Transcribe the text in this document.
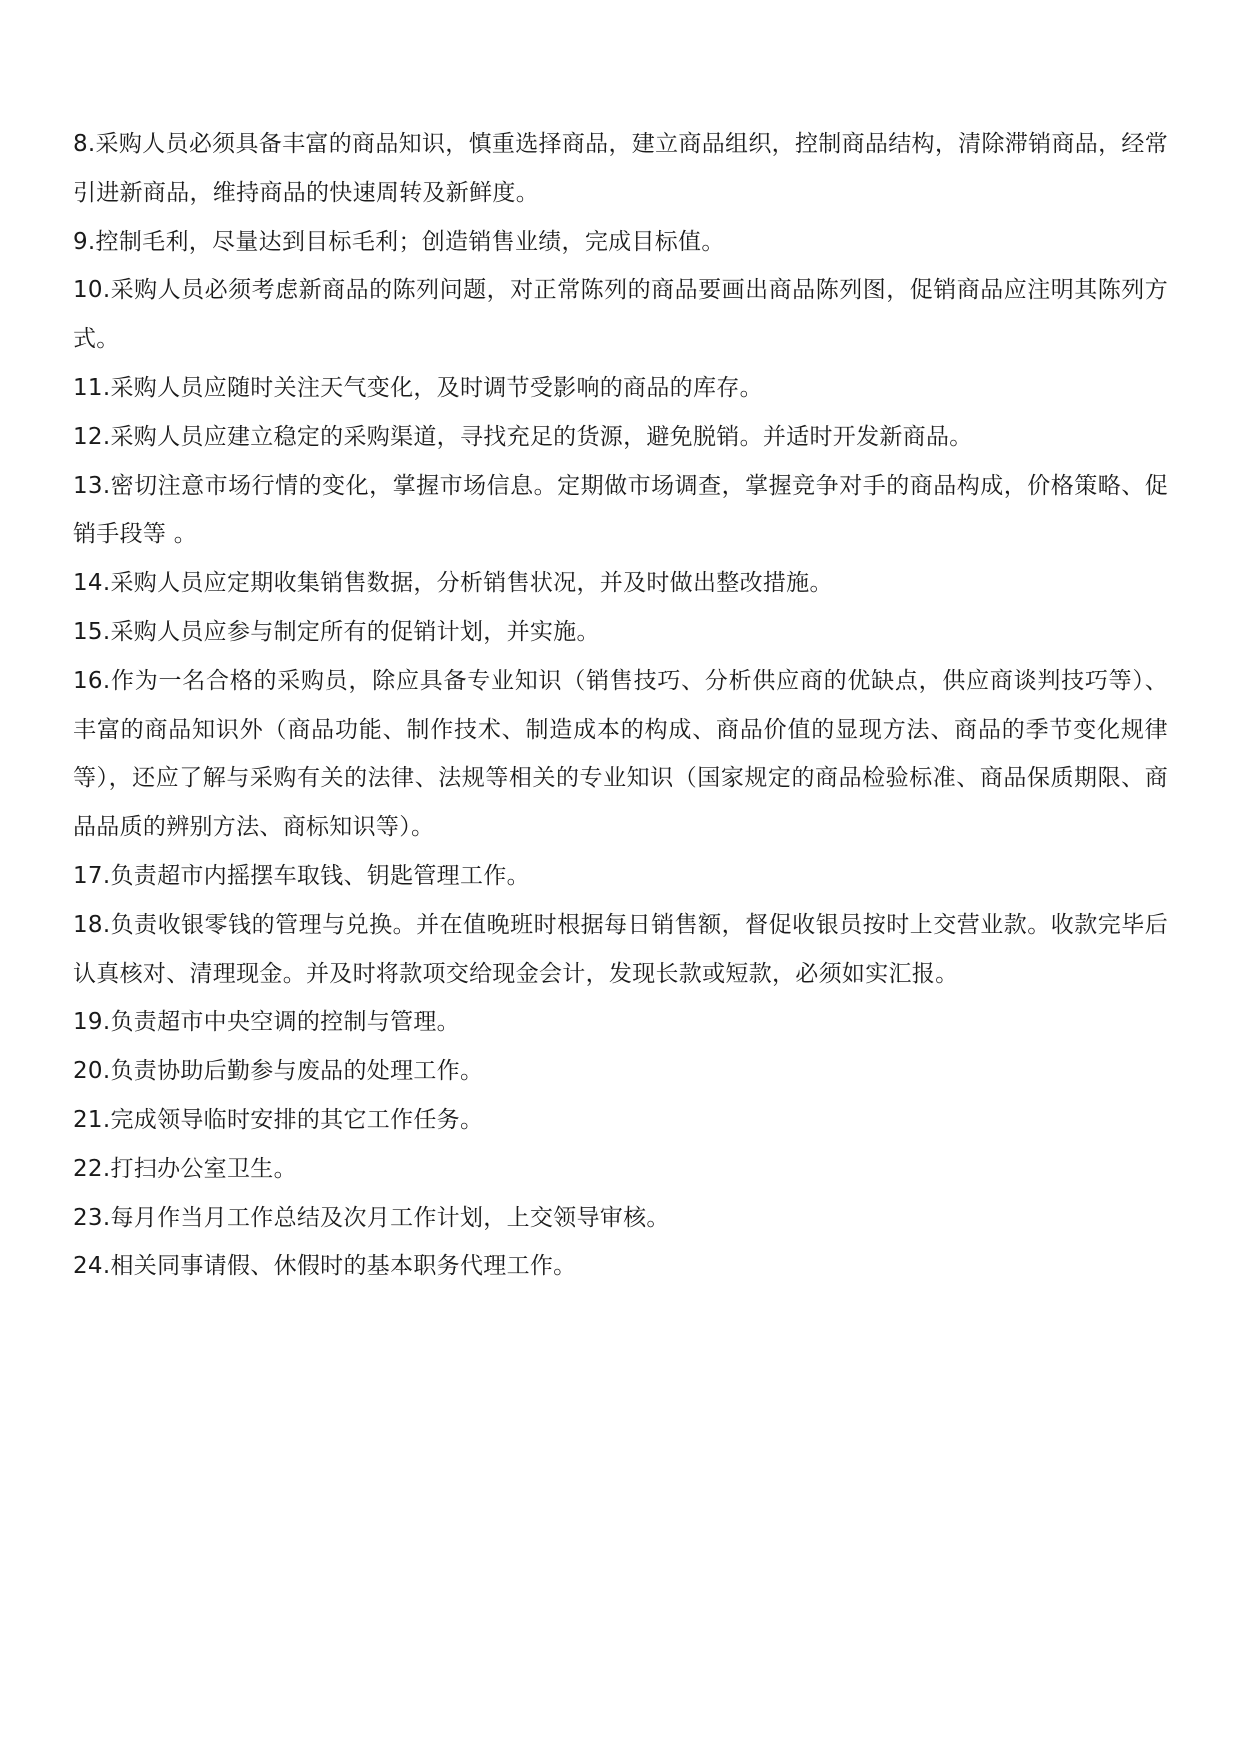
8.采购人员必须具备丰富的商品知识，慎重选择商品，建立商品组织，控制商品结构，清除滞销商品，经常引进新商品，维持商品的快速周转及新鲜度。

9.控制毛利，尽量达到目标毛利；创造销售业绩，完成目标值。

10.采购人员必须考虑新商品的陈列问题，对正常陈列的商品要画出商品陈列图，促销商品应注明其陈列方式。

11.采购人员应随时关注天气变化，及时调节受影响的商品的库存。

12.采购人员应建立稳定的采购渠道，寻找充足的货源，避免脱销。并适时开发新商品。

13.密切注意市场行情的变化，掌握市场信息。定期做市场调查，掌握竞争对手的商品构成，价格策略、促销手段等 。

14.采购人员应定期收集销售数据，分析销售状况，并及时做出整改措施。

15.采购人员应参与制定所有的促销计划，并实施。

16.作为一名合格的采购员，除应具备专业知识（销售技巧、分析供应商的优缺点，供应商谈判技巧等）、丰富的商品知识外（商品功能、制作技术、制造成本的构成、商品价值的显现方法、商品的季节变化规律等），还应了解与采购有关的法律、法规等相关的专业知识（国家规定的商品检验标准、商品保质期限、商品品质的辨别方法、商标知识等）。

17.负责超市内摇摆车取钱、钥匙管理工作。

18.负责收银零钱的管理与兑换。并在值晚班时根据每日销售额，督促收银员按时上交营业款。收款完毕后认真核对、清理现金。并及时将款项交给现金会计，发现长款或短款，必须如实汇报。

19.负责超市中央空调的控制与管理。

20.负责协助后勤参与废品的处理工作。

21.完成领导临时安排的其它工作任务。

22.打扫办公室卫生。

23.每月作当月工作总结及次月工作计划，上交领导审核。

24.相关同事请假、休假时的基本职务代理工作。
